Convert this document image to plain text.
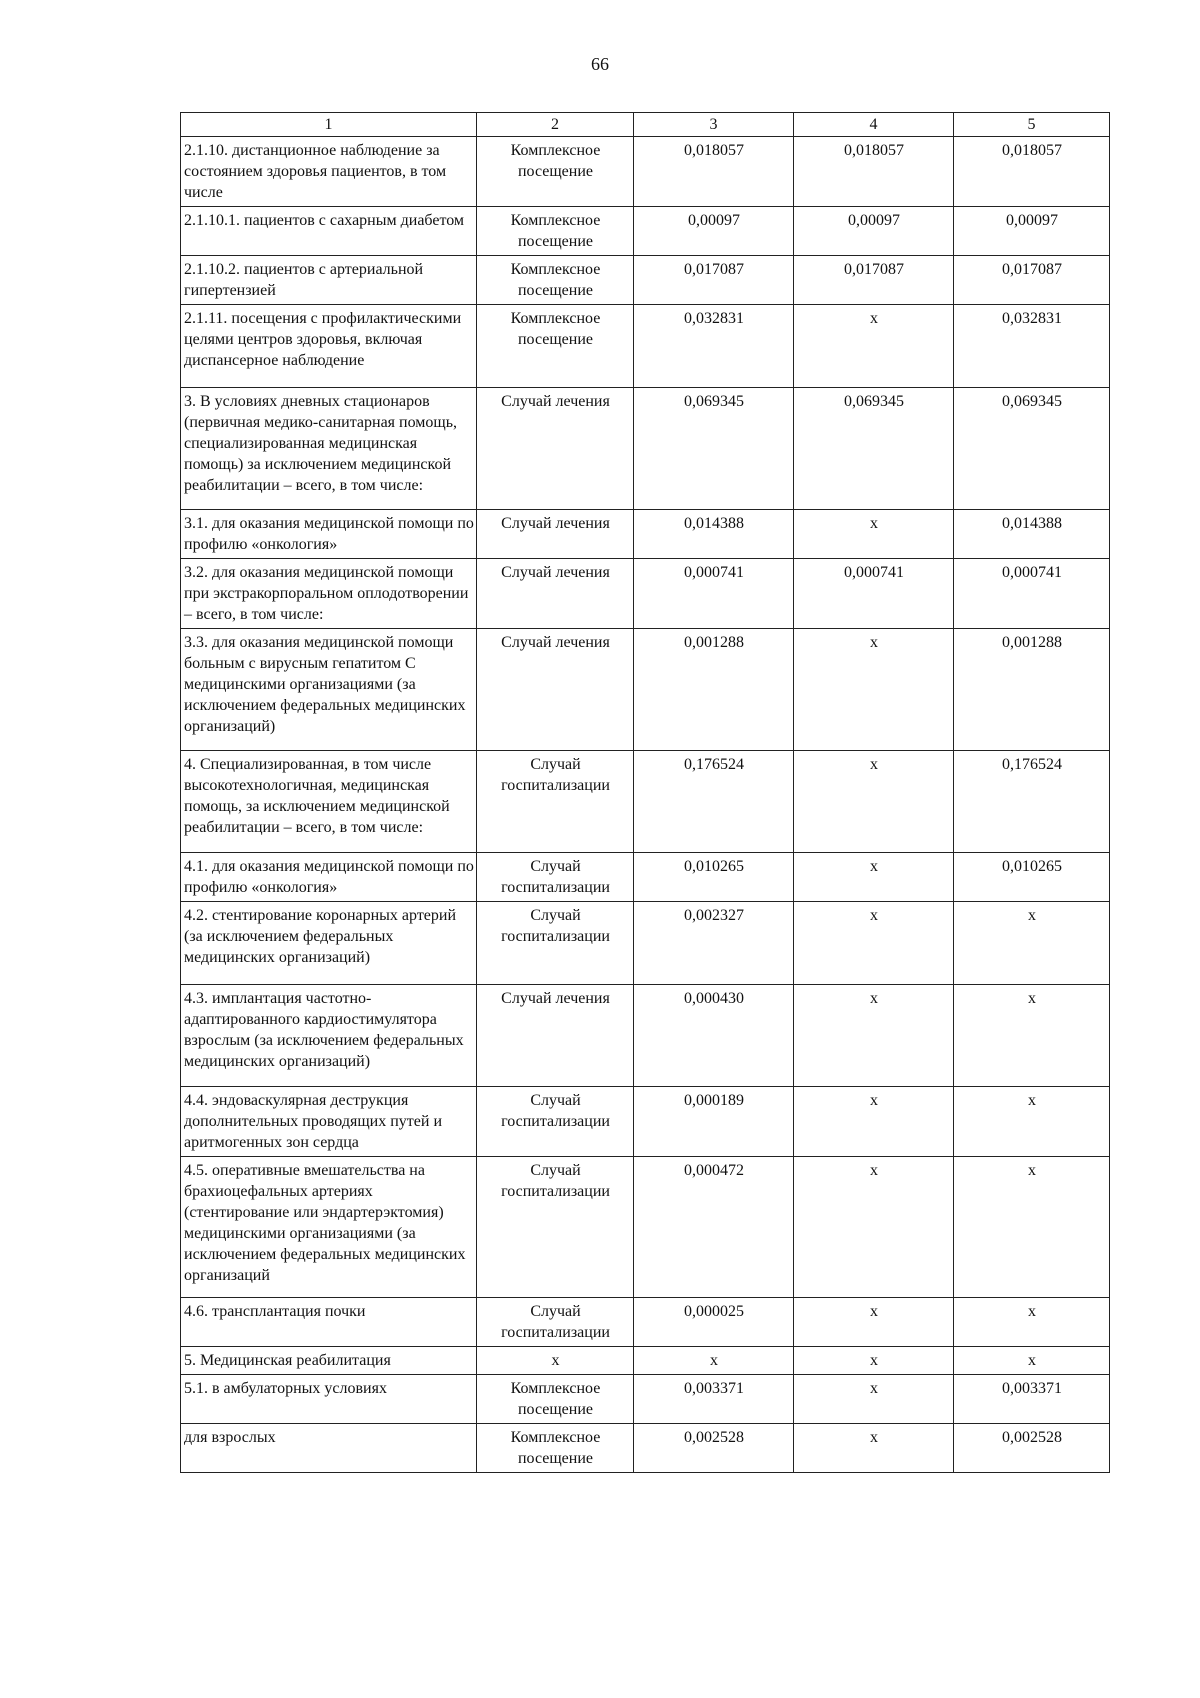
66
1	2	3	4	5
2.1.10. дистанционное наблюдение за состоянием здоровья пациентов, в том числе	Комплексное посещение	0,018057	0,018057	0,018057
2.1.10.1. пациентов с сахарным диабетом	Комплексное посещение	0,00097	0,00097	0,00097
2.1.10.2. пациентов с артериальной гипертензией	Комплексное посещение	0,017087	0,017087	0,017087
2.1.11. посещения с профилактическими целями центров здоровья, включая диспансерное наблюдение	Комплексное посещение	0,032831	x	0,032831
3. В условиях дневных стационаров (первичная медико-санитарная помощь, специализированная медицинская помощь) за исключением медицинской реабилитации – всего, в том числе:	Случай лечения	0,069345	0,069345	0,069345
3.1. для оказания медицинской помощи по профилю «онкология»	Случай лечения	0,014388	x	0,014388
3.2. для оказания медицинской помощи при экстракорпоральном оплодотворении – всего, в том числе:	Случай лечения	0,000741	0,000741	0,000741
3.3. для оказания медицинской помощи больным с вирусным гепатитом С медицинскими организациями (за исключением федеральных медицинских организаций)	Случай лечения	0,001288	x	0,001288
4. Специализированная, в том числе высокотехнологичная, медицинская помощь, за исключением медицинской реабилитации – всего, в том числе:	Случай госпитализации	0,176524	x	0,176524
4.1. для оказания медицинской помощи по профилю «онкология»	Случай госпитализации	0,010265	x	0,010265
4.2. стентирование коронарных артерий (за исключением федеральных медицинских организаций)	Случай госпитализации	0,002327	x	x
4.3. имплантация частотно-адаптированного кардиостимулятора взрослым (за исключением федеральных медицинских организаций)	Случай лечения	0,000430	x	x
4.4. эндоваскулярная деструкция дополнительных проводящих путей и аритмогенных зон сердца	Случай госпитализации	0,000189	x	x
4.5. оперативные вмешательства на брахиоцефальных артериях (стентирование или эндартерэктомия) медицинскими организациями (за исключением федеральных медицинских организаций	Случай госпитализации	0,000472	x	x
4.6. трансплантация почки	Случай госпитализации	0,000025	x	x
5. Медицинская реабилитация	x	x	x	x
5.1. в амбулаторных условиях	Комплексное посещение	0,003371	x	0,003371
для взрослых	Комплексное посещение	0,002528	x	0,002528
